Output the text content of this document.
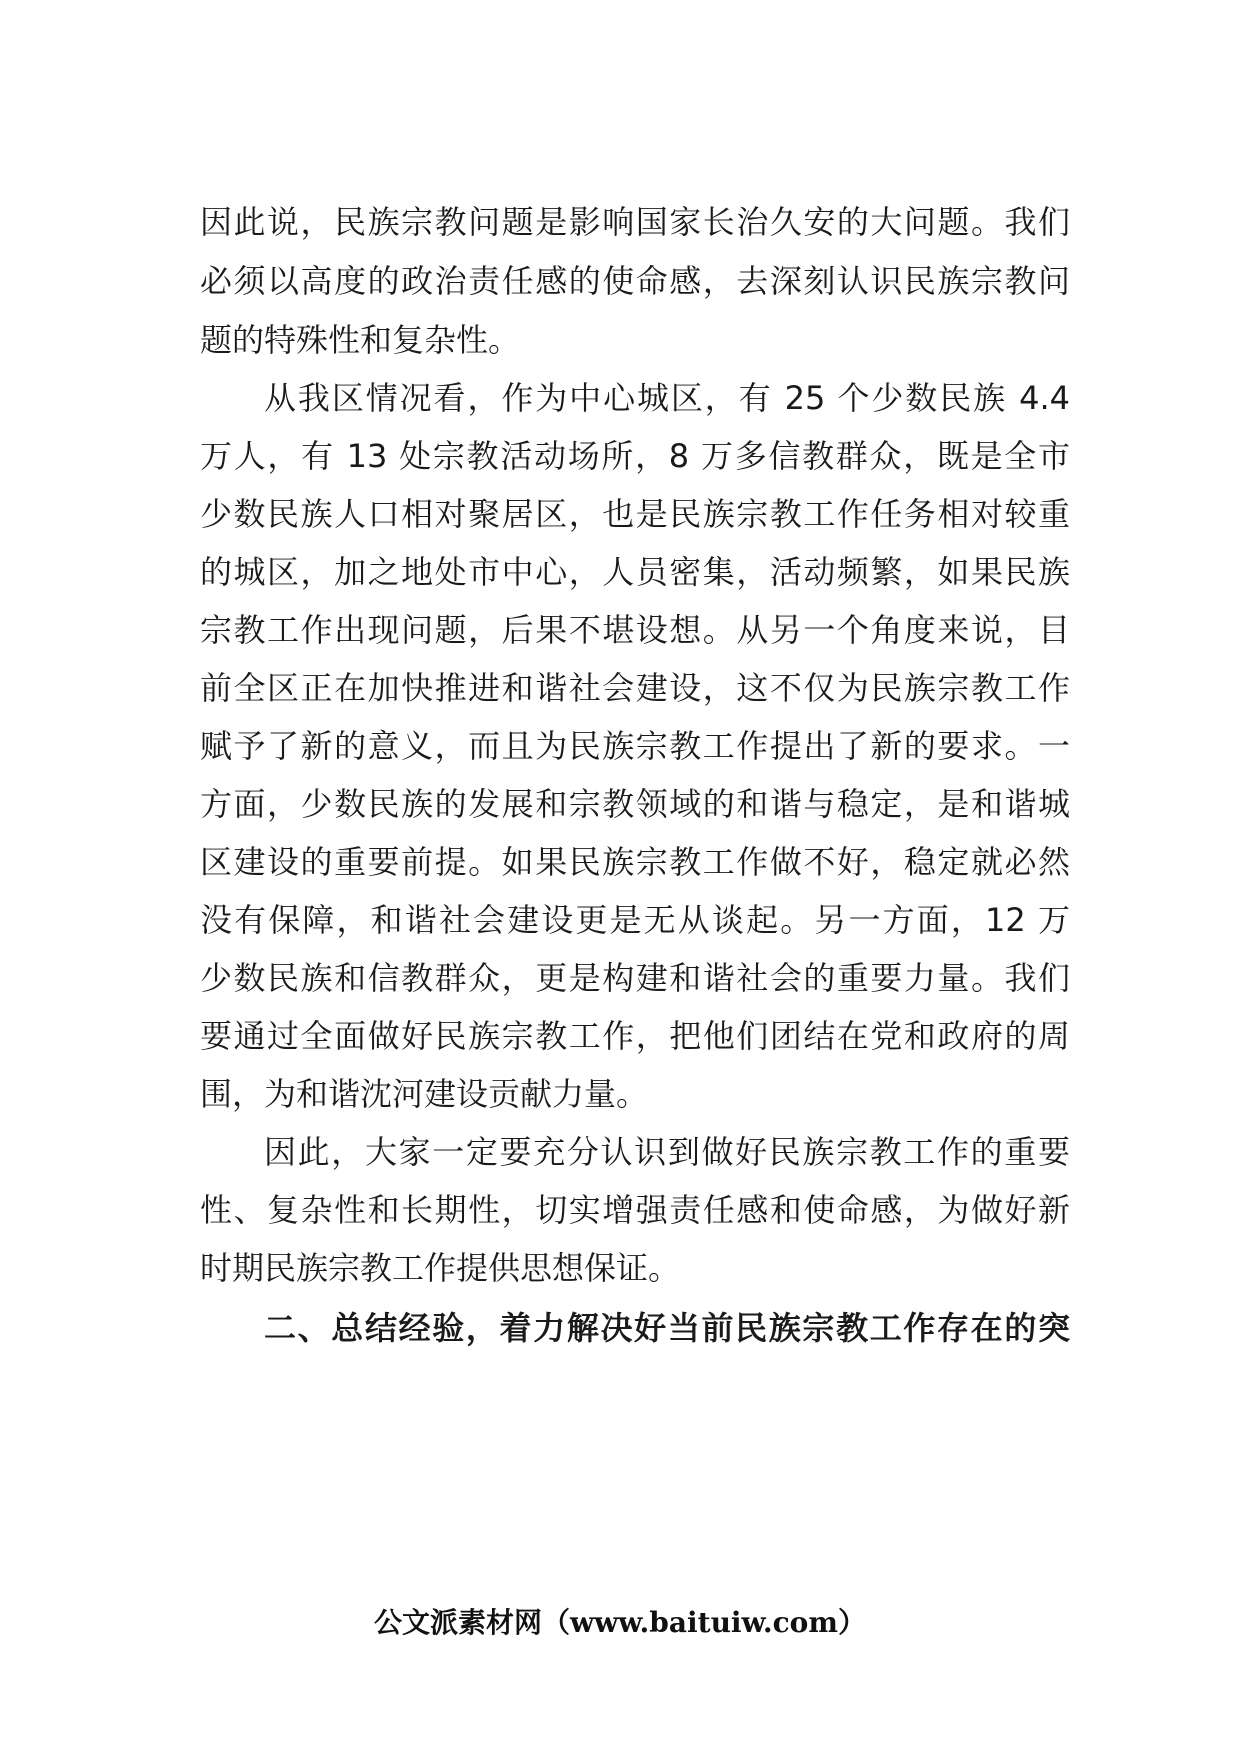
因此说，民族宗教问题是影响国家长治久安的大问题。我们
必须以高度的政治责任感的使命感，去深刻认识民族宗教问
题的特殊性和复杂性。
从我区情况看，作为中心城区，有 25 个少数民族 4.4
万人，有 13 处宗教活动场所，8 万多信教群众，既是全市
少数民族人口相对聚居区，也是民族宗教工作任务相对较重
的城区，加之地处市中心，人员密集，活动频繁，如果民族
宗教工作出现问题，后果不堪设想。从另一个角度来说，目
前全区正在加快推进和谐社会建设，这不仅为民族宗教工作
赋予了新的意义，而且为民族宗教工作提出了新的要求。一
方面，少数民族的发展和宗教领域的和谐与稳定，是和谐城
区建设的重要前提。如果民族宗教工作做不好，稳定就必然
没有保障，和谐社会建设更是无从谈起。另一方面，12 万
少数民族和信教群众，更是构建和谐社会的重要力量。我们
要通过全面做好民族宗教工作，把他们团结在党和政府的周
围，为和谐沈河建设贡献力量。
因此，大家一定要充分认识到做好民族宗教工作的重要
性、复杂性和长期性，切实增强责任感和使命感，为做好新
时期民族宗教工作提供思想保证。
二、总结经验，着力解决好当前民族宗教工作存在的突
公文派素材网（www.baituiw.com）
